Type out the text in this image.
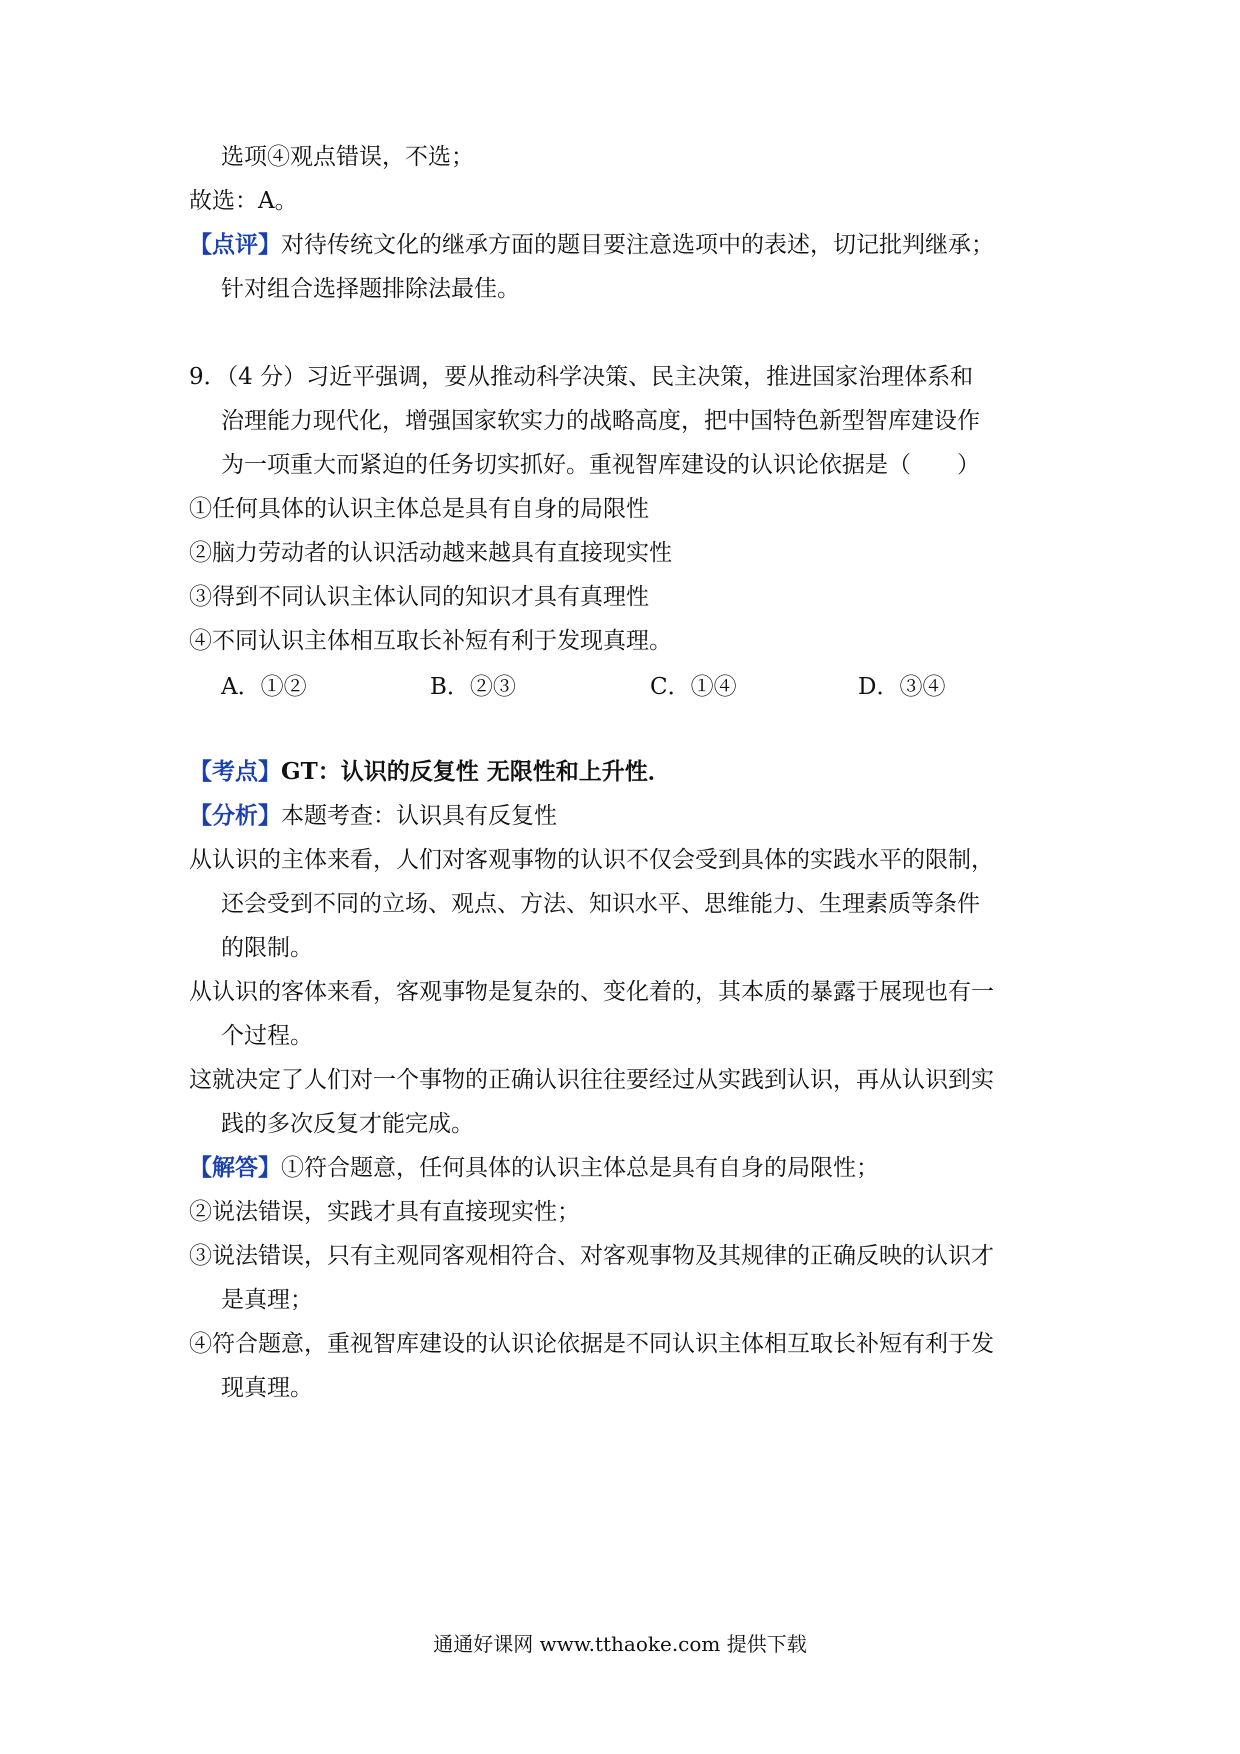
选项④观点错误，不选；
故选：A。
【点评】对待传统文化的继承方面的题目要注意选项中的表述，切记批判继承；
针对组合选择题排除法最佳。
9．（4 分）习近平强调，要从推动科学决策、民主决策，推进国家治理体系和
治理能力现代化，增强国家软实力的战略高度，把中国特色新型智库建设作
为一项重大而紧迫的任务切实抓好。重视智库建设的认识论依据是（　　）
①任何具体的认识主体总是具有自身的局限性
②脑力劳动者的认识活动越来越具有直接现实性
③得到不同认识主体认同的知识才具有真理性
④不同认识主体相互取长补短有利于发现真理。
A．①②	B．②③	C．①④	D．③④
【考点】GT：认识的反复性 无限性和上升性．
【分析】本题考查：认识具有反复性
从认识的主体来看，人们对客观事物的认识不仅会受到具体的实践水平的限制，
还会受到不同的立场、观点、方法、知识水平、思维能力、生理素质等条件
的限制。
从认识的客体来看，客观事物是复杂的、变化着的，其本质的暴露于展现也有一
个过程。
这就决定了人们对一个事物的正确认识往往要经过从实践到认识，再从认识到实
践的多次反复才能完成。
【解答】①符合题意，任何具体的认识主体总是具有自身的局限性；
②说法错误，实践才具有直接现实性；
③说法错误，只有主观同客观相符合、对客观事物及其规律的正确反映的认识才
是真理；
④符合题意，重视智库建设的认识论依据是不同认识主体相互取长补短有利于发
现真理。
通通好课网 www.tthaoke.com 提供下载
